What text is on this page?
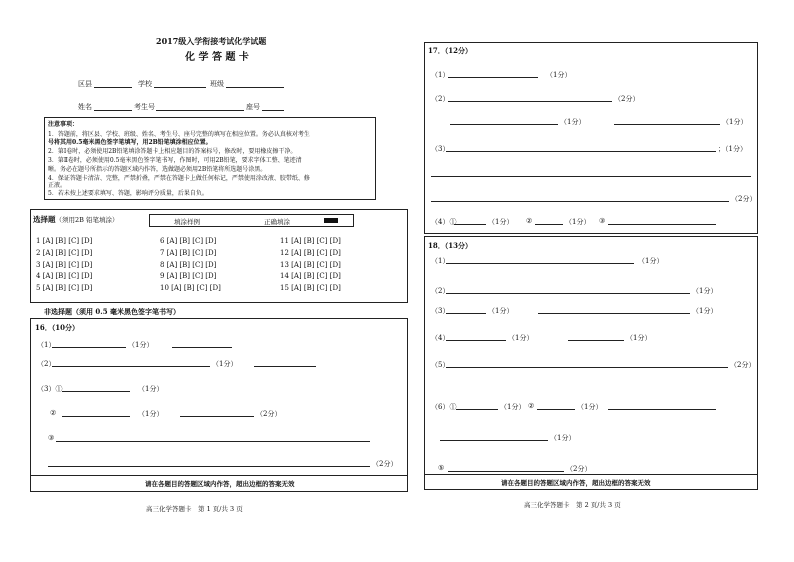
2017级入学衔接考试化学试题
化 学 答 题 卡
区县	学校	班级
姓名	考生号	座号
注意事项：
1．答题前，将区县、学校、班级、姓名、考生号、座号完整的填写在相应位置。务必认真核对考生
号将其用0.5毫米黑色签字笔填写，用2B铅笔填涂相应位置。
2．第Ⅰ卷时，必须使用2B铅笔填涂答题卡上相应题目的答案标号，修改时，要用橡皮擦干净。
3．第Ⅱ卷时，必须使用0.5毫米黑色签字笔书写，作图时，可用2B铅笔，要求字体工整、笔迹清
晰。务必在题号所指示的答题区域内作答，选做题必须用2B铅笔将所选题号涂黑。
4．保证答题卡清洁、完整，严禁折叠，严禁在答题卡上做任何标记，严禁使用涂改液、胶带纸、修
正液。
5．若未按上述要求填写、答题，影响评分质量，后果自负。
选择题（须用2B 铅笔填涂）	填涂样例	正确填涂
1 [A] [B] [C] [D]	6 [A] [B] [C] [D]	11 [A] [B] [C] [D]
2 [A] [B] [C] [D]	7 [A] [B] [C] [D]	12 [A] [B] [C] [D]
3 [A] [B] [C] [D]	8 [A] [B] [C] [D]	13 [A] [B] [C] [D]
4 [A] [B] [C] [D]	9 [A] [B] [C] [D]	14 [A] [B] [C] [D]
5 [A] [B] [C] [D]	10 [A] [B] [C] [D]	15 [A] [B] [C] [D]
非选择题（须用 0.5 毫米黑色签字笔书写）
16．（10分）
（1）	（1分）
（2）	（1分）
（3）①	（1分）
②	（1分）	（2分）
③
（2分）
请在各题目的答题区域内作答，超出边框的答案无效
高三化学答题卡　第 1 页/共 3 页
17．（12分）
（1）	（1分）
（2）	（2分）
（1分）	（1分）
（3）	；（1分）
（2分）
（4）①	（1分） ②	（1分） ③
18．（13分）
（1）	（1分）
（2）	（1分）
（3）	（1分）	（1分）
（4）	（1分）	（1分）
（5）	（2分）
（6）①	（1分） ②	（1分）
（1分）
⑤	（2分）
请在各题目的答题区域内作答，超出边框的答案无效
高三化学答题卡　第 2 页/共 3 页
